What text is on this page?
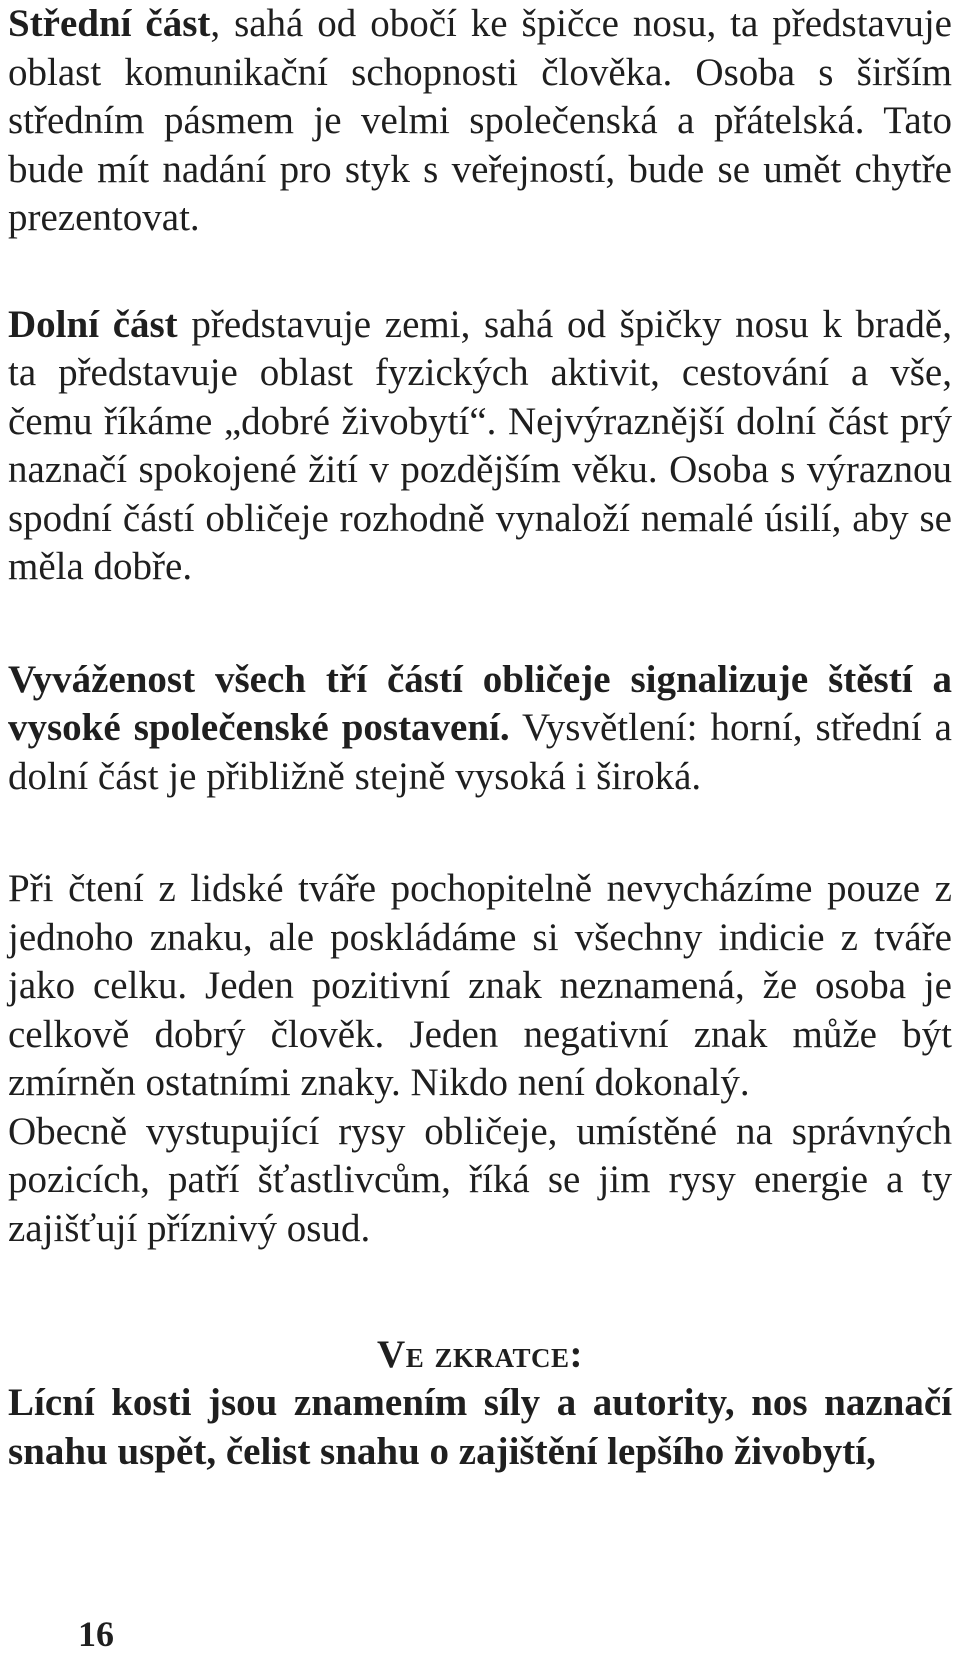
Střední část, sahá od obočí ke špičce nosu, ta představuje oblast komunikační schopnosti člověka. Osoba s širším středním pásmem je velmi společenská a přátelská. Tato bude mít nadání pro styk s veřejností, bude se umět chytře prezentovat.

Dolní část představuje zemi, sahá od špičky nosu k bradě, ta představuje oblast fyzických aktivit, cestování a vše, čemu říkáme „dobré živobytí“. Nejvýraznější dolní část prý naznačí spokojené žití v pozdějším věku. Osoba s výraznou spodní částí obličeje rozhodně vynaloží nemalé úsilí, aby se měla dobře.

Vyváženost všech tří částí obličeje signalizuje štěstí a vysoké společenské postavení. Vysvětlení: horní, střední a dolní část je přibližně stejně vysoká i široká.

Při čtení z lidské tváře pochopitelně nevycházíme pouze z jednoho znaku, ale poskládáme si všechny indicie z tváře jako celku. Jeden pozitivní znak neznamená, že osoba je celkově dobrý člověk. Jeden negativní znak může být zmírněn ostatními znaky. Nikdo není dokonalý.

Obecně vystupující rysy obličeje, umístěné na správných pozicích, patří šťastlivcům, říká se jim rysy energie a ty zajišťují příznivý osud.

Ve zkratce:

Lícní kosti jsou znamením síly a autority, nos naznačí snahu uspět, čelist snahu o zajištění lepšího živobytí,

16
